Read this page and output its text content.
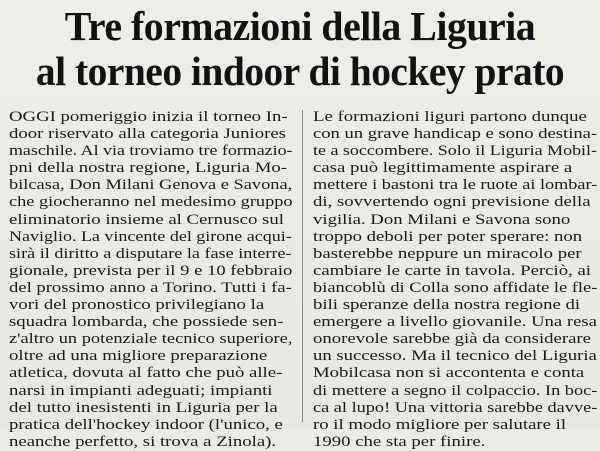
Tre formazioni della Liguria
al torneo indoor di hockey prato
OGGI pomeriggio inizia il torneo In-
door riservato alla categoria Juniores
maschile. Al via troviamo tre formazio-
pni della nostra regione, Liguria Mo-
bilcasa, Don Milani Genova e Savona,
che giocheranno nel medesimo gruppo
eliminatorio insieme al Cernusco sul
Naviglio. La vincente del girone acqui-
sirà il diritto a disputare la fase interre-
gionale, prevista per il 9 e 10 febbraio
del prossimo anno a Torino. Tutti i fa-
vori del pronostico privilegiano la
squadra lombarda, che possiede sen-
z'altro un potenziale tecnico superiore,
oltre ad una migliore preparazione
atletica, dovuta al fatto che può alle-
narsi in impianti adeguati; impianti
del tutto inesistenti in Liguria per la
pratica dell'hockey indoor (l'unico, e
neanche perfetto, si trova a Zinola).
Le formazioni liguri partono dunque
con un grave handicap e sono destina-
te a soccombere. Solo il Liguria Mobil-
casa può legittimamente aspirare a
mettere i bastoni tra le ruote ai lombar-
di, sovvertendo ogni previsione della
vigilia. Don Milani e Savona sono
troppo deboli per poter sperare: non
basterebbe neppure un miracolo per
cambiare le carte in tavola. Perciò, ai
biancoblù di Colla sono affidate le fle-
bili speranze della nostra regione di
emergere a livello giovanile. Una resa
onorevole sarebbe già da considerare
un successo. Ma il tecnico del Liguria
Mobilcasa non si accontenta e conta
di mettere a segno il colpaccio. In boc-
ca al lupo! Una vittoria sarebbe davve-
ro il modo migliore per salutare il
1990 che sta per finire.
